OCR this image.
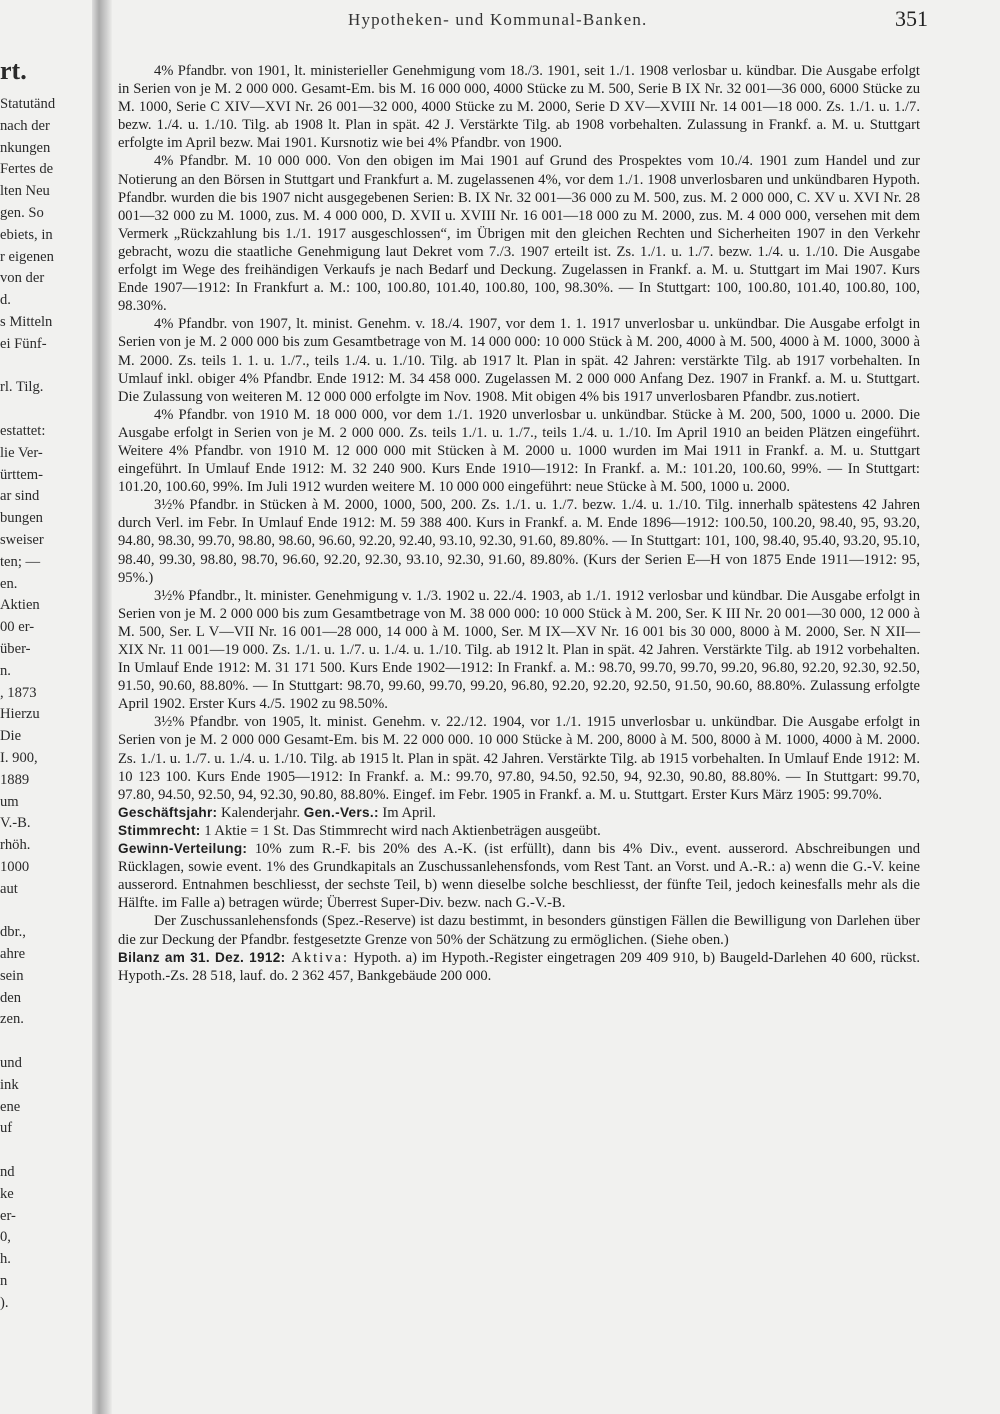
rt.
Statutänd
nach der
nkungen
Fertes de
lten Neu
gen. So
ebiets, in
r eigenen
von der
d.
s Mitteln
ei Fünf-

rl. Tilg.

estattet:
lie Ver-
ürttem-
ar sind
bungen
sweiser
ten; —
en.
Aktien
00 er-
über-
n.
, 1873
Hierzu
Die
I. 900,
1889
um
V.-B.
rhöh.
1000
aut

dbr.,
ahre
sein
den
zen.

und
ink
ene
uf

nd
ke
er-
0,
h.
n
).

Hypotheken- und Kommunal-Banken.	351

4% Pfandbr. von 1901, lt. ministerieller Genehmigung vom 18./3. 1901, seit 1./1. 1908 verlosbar u. kündbar. Die Ausgabe erfolgt in Serien von je M. 2 000 000. Gesamt-Em. bis M. 16 000 000, 4000 Stücke zu M. 500, Serie B IX Nr. 32 001—36 000, 6000 Stücke zu M. 1000, Serie C XIV—XVI Nr. 26 001—32 000, 4000 Stücke zu M. 2000, Serie D XV—XVIII Nr. 14 001—18 000. Zs. 1./1. u. 1./7. bezw. 1./4. u. 1./10. Tilg. ab 1908 lt. Plan in spät. 42 J. Verstärkte Tilg. ab 1908 vorbehalten. Zulassung in Frankf. a. M. u. Stuttgart erfolgte im April bezw. Mai 1901. Kursnotiz wie bei 4% Pfandbr. von 1900.

4% Pfandbr. M. 10 000 000. Von den obigen im Mai 1901 auf Grund des Prospektes vom 10./4. 1901 zum Handel und zur Notierung an den Börsen in Stuttgart und Frankfurt a. M. zugelassenen 4%, vor dem 1./1. 1908 unverlosbaren und unkündbaren Hypoth. Pfandbr. wurden die bis 1907 nicht ausgegebenen Serien: B. IX Nr. 32 001—36 000 zu M. 500, zus. M. 2 000 000, C. XV u. XVI Nr. 28 001—32 000 zu M. 1000, zus. M. 4 000 000, D. XVII u. XVIII Nr. 16 001—18 000 zu M. 2000, zus. M. 4 000 000, versehen mit dem Vermerk „Rückzahlung bis 1./1. 1917 ausgeschlossen“, im Übrigen mit den gleichen Rechten und Sicherheiten 1907 in den Verkehr gebracht, wozu die staatliche Genehmigung laut Dekret vom 7./3. 1907 erteilt ist. Zs. 1./1. u. 1./7. bezw. 1./4. u. 1./10. Die Ausgabe erfolgt im Wege des freihändigen Verkaufs je nach Bedarf und Deckung. Zugelassen in Frankf. a. M. u. Stuttgart im Mai 1907. Kurs Ende 1907—1912: In Frankfurt a. M.: 100, 100.80, 101.40, 100.80, 100, 98.30%. — In Stuttgart: 100, 100.80, 101.40, 100.80, 100, 98.30%.

4% Pfandbr. von 1907, lt. minist. Genehm. v. 18./4. 1907, vor dem 1. 1. 1917 unverlosbar u. unkündbar. Die Ausgabe erfolgt in Serien von je M. 2 000 000 bis zum Gesamtbetrage von M. 14 000 000: 10 000 Stück à M. 200, 4000 à M. 500, 4000 à M. 1000, 3000 à M. 2000. Zs. teils 1. 1. u. 1./7., teils 1./4. u. 1./10. Tilg. ab 1917 lt. Plan in spät. 42 Jahren: verstärkte Tilg. ab 1917 vorbehalten. In Umlauf inkl. obiger 4% Pfandbr. Ende 1912: M. 34 458 000. Zugelassen M. 2 000 000 Anfang Dez. 1907 in Frankf. a. M. u. Stuttgart. Die Zulassung von weiteren M. 12 000 000 erfolgte im Nov. 1908. Mit obigen 4% bis 1917 unverlosbaren Pfandbr. zus.notiert.

4% Pfandbr. von 1910 M. 18 000 000, vor dem 1./1. 1920 unverlosbar u. unkündbar. Stücke à M. 200, 500, 1000 u. 2000. Die Ausgabe erfolgt in Serien von je M. 2 000 000. Zs. teils 1./1. u. 1./7., teils 1./4. u. 1./10. Im April 1910 an beiden Plätzen eingeführt. Weitere 4% Pfandbr. von 1910 M. 12 000 000 mit Stücken à M. 2000 u. 1000 wurden im Mai 1911 in Frankf. a. M. u. Stuttgart eingeführt. In Umlauf Ende 1912: M. 32 240 900. Kurs Ende 1910—1912: In Frankf. a. M.: 101.20, 100.60, 99%. — In Stuttgart: 101.20, 100.60, 99%. Im Juli 1912 wurden weitere M. 10 000 000 eingeführt: neue Stücke à M. 500, 1000 u. 2000.

3½% Pfandbr. in Stücken à M. 2000, 1000, 500, 200. Zs. 1./1. u. 1./7. bezw. 1./4. u. 1./10. Tilg. innerhalb spätestens 42 Jahren durch Verl. im Febr. In Umlauf Ende 1912: M. 59 388 400. Kurs in Frankf. a. M. Ende 1896—1912: 100.50, 100.20, 98.40, 95, 93.20, 94.80, 98.30, 99.70, 98.80, 98.60, 96.60, 92.20, 92.40, 93.10, 92.30, 91.60, 89.80%. — In Stuttgart: 101, 100, 98.40, 95.40, 93.20, 95.10, 98.40, 99.30, 98.80, 98.70, 96.60, 92.20, 92.30, 93.10, 92.30, 91.60, 89.80%. (Kurs der Serien E—H von 1875 Ende 1911—1912: 95, 95%.)

3½% Pfandbr., lt. minister. Genehmigung v. 1./3. 1902 u. 22./4. 1903, ab 1./1. 1912 verlosbar und kündbar. Die Ausgabe erfolgt in Serien von je M. 2 000 000 bis zum Gesamtbetrage von M. 38 000 000: 10 000 Stück à M. 200, Ser. K III Nr. 20 001—30 000, 12 000 à M. 500, Ser. L V—VII Nr. 16 001—28 000, 14 000 à M. 1000, Ser. M IX—XV Nr. 16 001 bis 30 000, 8000 à M. 2000, Ser. N XII—XIX Nr. 11 001—19 000. Zs. 1./1. u. 1./7. u. 1./4. u. 1./10. Tilg. ab 1912 lt. Plan in spät. 42 Jahren. Verstärkte Tilg. ab 1912 vorbehalten. In Umlauf Ende 1912: M. 31 171 500. Kurs Ende 1902—1912: In Frankf. a. M.: 98.70, 99.70, 99.70, 99.20, 96.80, 92.20, 92.30, 92.50, 91.50, 90.60, 88.80%. — In Stuttgart: 98.70, 99.60, 99.70, 99.20, 96.80, 92.20, 92.20, 92.50, 91.50, 90.60, 88.80%. Zulassung erfolgte April 1902. Erster Kurs 4./5. 1902 zu 98.50%.

3½% Pfandbr. von 1905, lt. minist. Genehm. v. 22./12. 1904, vor 1./1. 1915 unverlosbar u. unkündbar. Die Ausgabe erfolgt in Serien von je M. 2 000 000 Gesamt-Em. bis M. 22 000 000. 10 000 Stücke à M. 200, 8000 à M. 500, 8000 à M. 1000, 4000 à M. 2000. Zs. 1./1. u. 1./7. u. 1./4. u. 1./10. Tilg. ab 1915 lt. Plan in spät. 42 Jahren. Verstärkte Tilg. ab 1915 vorbehalten. In Umlauf Ende 1912: M. 10 123 100. Kurs Ende 1905—1912: In Frankf. a. M.: 99.70, 97.80, 94.50, 92.50, 94, 92.30, 90.80, 88.80%. — In Stuttgart: 99.70, 97.80, 94.50, 92.50, 94, 92.30, 90.80, 88.80%. Eingef. im Febr. 1905 in Frankf. a. M. u. Stuttgart. Erster Kurs März 1905: 99.70%.

Geschäftsjahr: Kalenderjahr. Gen.-Vers.: Im April.

Stimmrecht: 1 Aktie = 1 St. Das Stimmrecht wird nach Aktienbeträgen ausgeübt.

Gewinn-Verteilung: 10% zum R.-F. bis 20% des A.-K. (ist erfüllt), dann bis 4% Div., event. ausserord. Abschreibungen und Rücklagen, sowie event. 1% des Grundkapitals an Zuschussanlehensfonds, vom Rest Tant. an Vorst. und A.-R.: a) wenn die G.-V. keine ausserord. Entnahmen beschliesst, der sechste Teil, b) wenn dieselbe solche beschliesst, der fünfte Teil, jedoch keinesfalls mehr als die Hälfte. im Falle a) betragen würde; Überrest Super-Div. bezw. nach G.-V.-B.

Der Zuschussanlehensfonds (Spez.-Reserve) ist dazu bestimmt, in besonders günstigen Fällen die Bewilligung von Darlehen über die zur Deckung der Pfandbr. festgesetzte Grenze von 50% der Schätzung zu ermöglichen. (Siehe oben.)

Bilanz am 31. Dez. 1912: Aktiva: Hypoth. a) im Hypoth.-Register eingetragen 209 409 910, b) Baugeld-Darlehen 40 600, rückst. Hypoth.-Zs. 28 518, lauf. do. 2 362 457, Bankgebäude 200 000.
